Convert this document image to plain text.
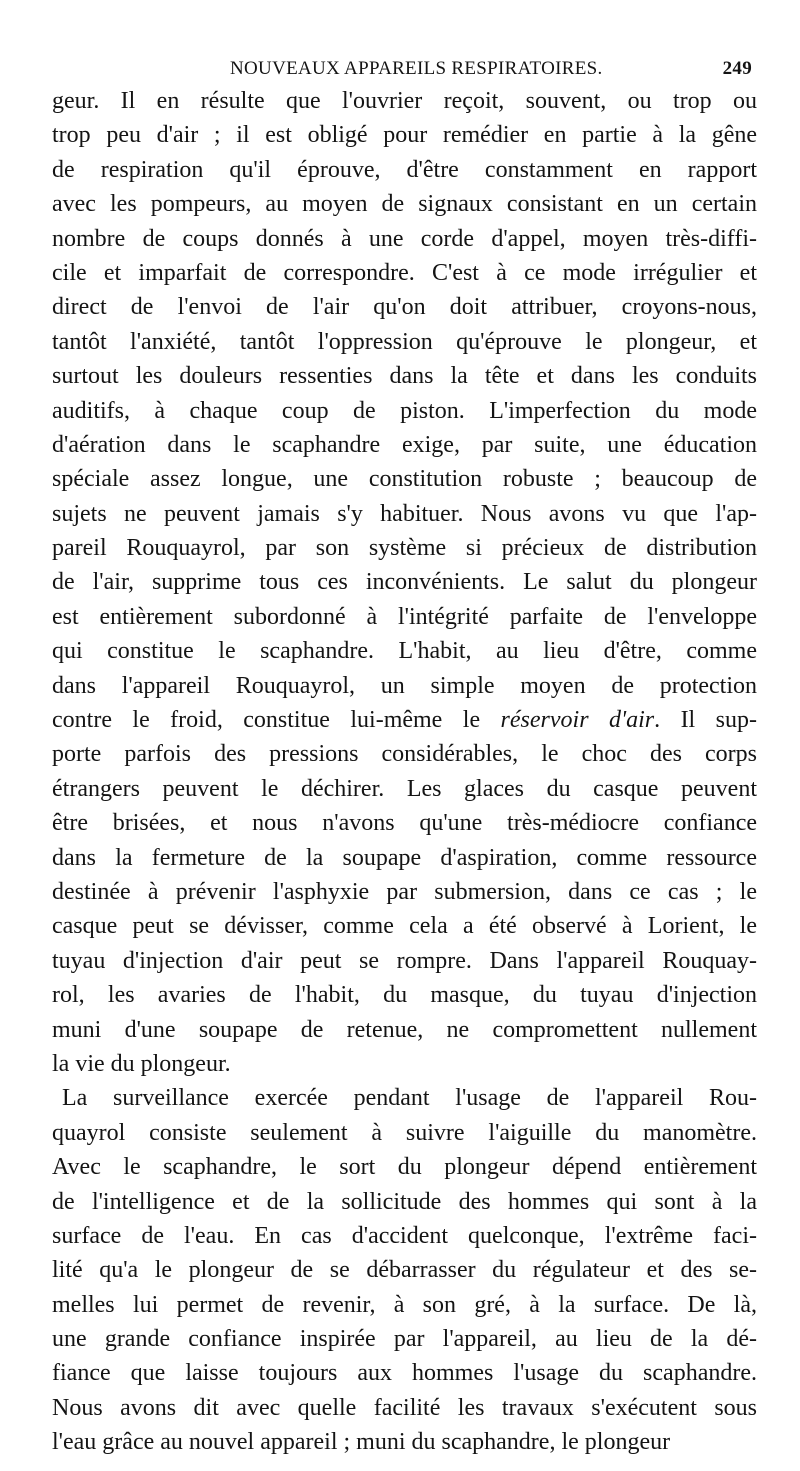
NOUVEAUX APPAREILS RESPIRATOIRES.	249
geur. Il en résulte que l'ouvrier reçoit, souvent, ou trop ou
trop peu d'air ; il est obligé pour remédier en partie à la gêne
de respiration qu'il éprouve, d'être constamment en rapport
avec les pompeurs, au moyen de signaux consistant en un certain
nombre de coups donnés à une corde d'appel, moyen très-diffi-
cile et imparfait de correspondre. C'est à ce mode irrégulier et
direct de l'envoi de l'air qu'on doit attribuer, croyons-nous,
tantôt l'anxiété, tantôt l'oppression qu'éprouve le plongeur, et
surtout les douleurs ressenties dans la tête et dans les conduits
auditifs, à chaque coup de piston. L'imperfection du mode
d'aération dans le scaphandre exige, par suite, une éducation
spéciale assez longue, une constitution robuste ; beaucoup de
sujets ne peuvent jamais s'y habituer. Nous avons vu que l'ap-
pareil Rouquayrol, par son système si précieux de distribution
de l'air, supprime tous ces inconvénients. Le salut du plongeur
est entièrement subordonné à l'intégrité parfaite de l'enveloppe
qui constitue le scaphandre. L'habit, au lieu d'être, comme
dans l'appareil Rouquayrol, un simple moyen de protection
contre le froid, constitue lui-même le réservoir d'air. Il sup-
porte parfois des pressions considérables, le choc des corps
étrangers peuvent le déchirer. Les glaces du casque peuvent
être brisées, et nous n'avons qu'une très-médiocre confiance
dans la fermeture de la soupape d'aspiration, comme ressource
destinée à prévenir l'asphyxie par submersion, dans ce cas ; le
casque peut se dévisser, comme cela a été observé à Lorient, le
tuyau d'injection d'air peut se rompre. Dans l'appareil Rouquay-
rol, les avaries de l'habit, du masque, du tuyau d'injection
muni d'une soupape de retenue, ne compromettent nullement
la vie du plongeur.
La surveillance exercée pendant l'usage de l'appareil Rou-
quayrol consiste seulement à suivre l'aiguille du manomètre.
Avec le scaphandre, le sort du plongeur dépend entièrement
de l'intelligence et de la sollicitude des hommes qui sont à la
surface de l'eau. En cas d'accident quelconque, l'extrême faci-
lité qu'a le plongeur de se débarrasser du régulateur et des se-
melles lui permet de revenir, à son gré, à la surface. De là,
une grande confiance inspirée par l'appareil, au lieu de la dé-
fiance que laisse toujours aux hommes l'usage du scaphandre.
Nous avons dit avec quelle facilité les travaux s'exécutent sous
l'eau grâce au nouvel appareil ; muni du scaphandre, le plongeur
